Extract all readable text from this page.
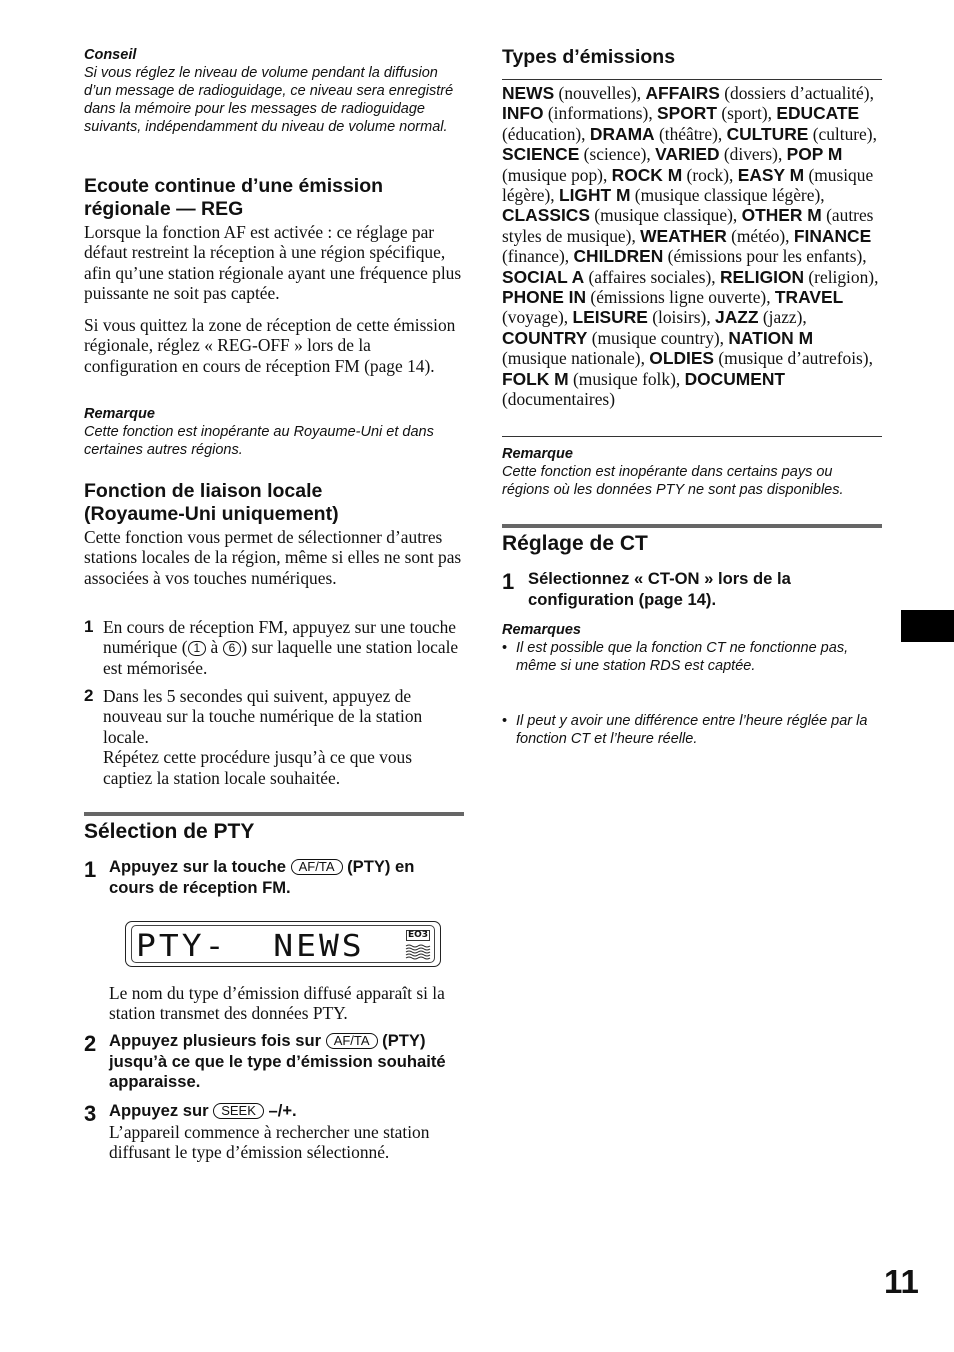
Conseil

Si vous réglez le niveau de volume pendant la diffusion d’un message de radioguidage, ce niveau sera enregistré dans la mémoire pour les messages de radioguidage suivants, indépendamment du niveau de volume normal.

Ecoute continue d’une émission
régionale — REG

Lorsque la fonction AF est activée : ce réglage par défaut restreint la réception à une région spécifique, afin qu’une station régionale ayant une fréquence plus puissante ne soit pas captée.

Si vous quittez la zone de réception de cette émission régionale, réglez « REG-OFF » lors de la configuration en cours de réception FM (page 14).

Remarque

Cette fonction est inopérante au Royaume-Uni et dans certaines autres régions.

Fonction de liaison locale
(Royaume-Uni uniquement)

Cette fonction vous permet de sélectionner d’autres stations locales de la région, même si elles ne sont pas associées à vos touches numériques.

1 En cours de réception FM, appuyez sur une touche numérique ( 1 à 6 ) sur laquelle une station locale est mémorisée.

2 Dans les 5 secondes qui suivent, appuyez de nouveau sur la touche numérique de la station locale.

Répétez cette procédure jusqu’à ce que vous captiez la station locale souhaitée.

Sélection de PTY
1 Appuyez sur la touche AF/TA (PTY) en cours de réception FM.

PTY-  NEWS	EO3

Le nom du type d’émission diffusé apparaît si la station transmet des données PTY.

2 Appuyez plusieurs fois sur AF/TA (PTY) jusqu’à ce que le type d’émission souhaité apparaisse.

3 Appuyez sur SEEK –/+.

L’appareil commence à rechercher une station diffusant le type d’émission sélectionné.

Types d’émissions

NEWS (nouvelles), AFFAIRS (dossiers d’actualité), INFO (informations), SPORT (sport), EDUCATE (éducation), DRAMA (théâtre), CULTURE (culture), SCIENCE (science), VARIED (divers), POP M (musique pop), ROCK M (rock), EASY M (musique légère), LIGHT M (musique classique légère), CLASSICS (musique classique), OTHER M (autres styles de musique), WEATHER (météo), FINANCE (finance), CHILDREN (émissions pour les enfants), SOCIAL A (affaires sociales), RELIGION (religion), PHONE IN (émissions ligne ouverte), TRAVEL (voyage), LEISURE (loisirs), JAZZ (jazz), COUNTRY (musique country), NATION M (musique nationale), OLDIES (musique d’autrefois), FOLK M (musique folk), DOCUMENT (documentaires)

Remarque

Cette fonction est inopérante dans certains pays ou régions où les données PTY ne sont pas disponibles.

Réglage de CT
1 Sélectionnez « CT-ON » lors de la configuration (page 14).

Remarques

• Il est possible que la fonction CT ne fonctionne pas, même si une station RDS est captée.

• Il peut y avoir une différence entre l’heure réglée par la fonction CT et l’heure réelle.

11
